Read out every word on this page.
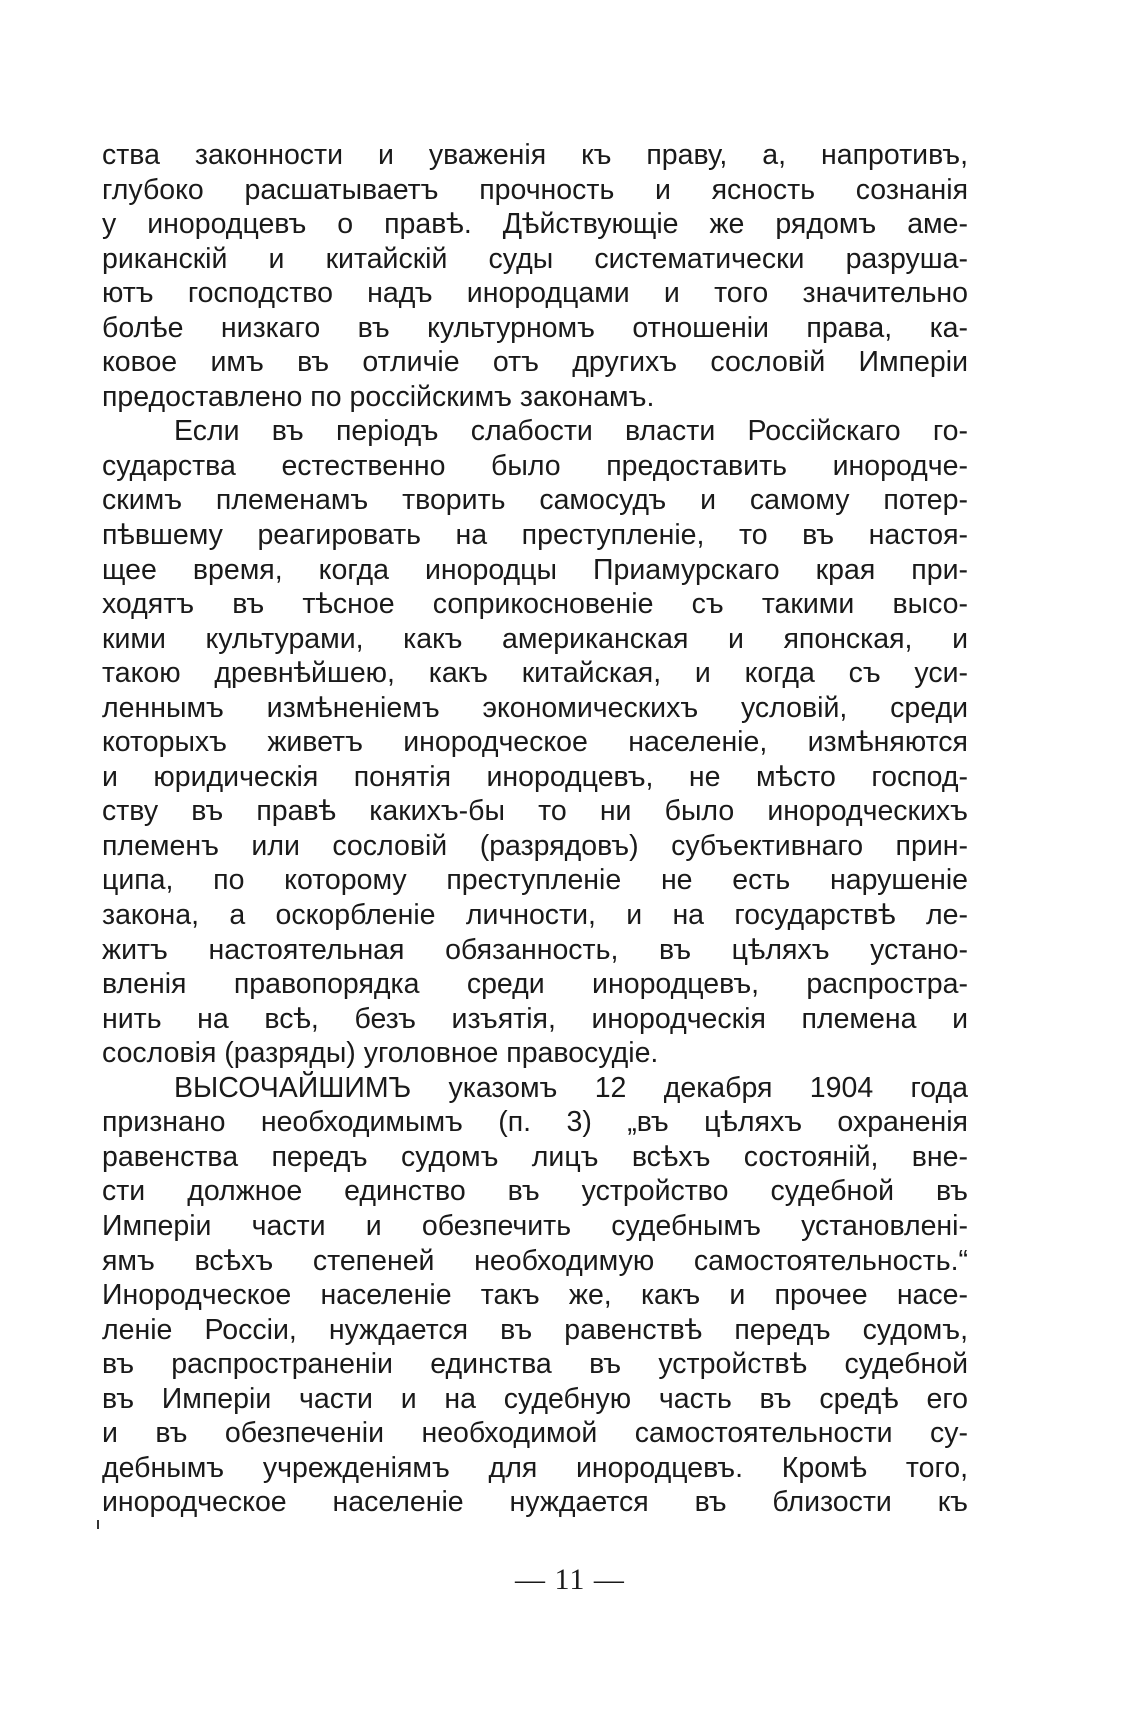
ства законности и уваженія къ праву, а, напротивъ,
глубоко расшатываетъ прочность и ясность сознанія
у инородцевъ о правѣ. Дѣйствующіе же рядомъ аме-
риканскій и китайскій суды систематически разруша-
ютъ господство надъ инородцами и того значительно
болѣе низкаго въ культурномъ отношеніи права, ка-
ковое имъ въ отличіе отъ другихъ сословій Имперіи
предоставлено по россійскимъ законамъ.
Если въ періодъ слабости власти Россійскаго го-
сударства естественно было предоставить инородче-
скимъ племенамъ творить самосудъ и самому потер-
пѣвшему реагировать на преступленіе, то въ настоя-
щее время, когда инородцы Приамурскаго края при-
ходятъ въ тѣсное соприкосновеніе съ такими высо-
кими культурами, какъ американская и японская, и
такою древнѣйшею, какъ китайская, и когда съ уси-
леннымъ измѣненіемъ экономическихъ условій, среди
которыхъ живетъ инородческое населеніе, измѣняются
и юридическія понятія инородцевъ, не мѣсто господ-
ству въ правѣ какихъ-бы то ни было инородческихъ
племенъ или сословій (разрядовъ) субъективнаго прин-
ципа, по которому преступленіе не есть нарушеніе
закона, а оскорбленіе личности, и на государствѣ ле-
житъ настоятельная обязанность, въ цѣляхъ устано-
вленія правопорядка среди инородцевъ, распростра-
нить на всѣ, безъ изъятія, инородческія племена и
сословія (разряды) уголовное правосудіе.
ВЫСОЧАЙШИМЪ указомъ 12 декабря 1904 года
признано необходимымъ (п. 3) „въ цѣляхъ охраненія
равенства передъ судомъ лицъ всѣхъ состояній, вне-
сти должное единство въ устройство судебной въ
Имперіи части и обезпечить судебнымъ установленi-
ямъ всѣхъ степеней необходимую самостоятельность.“
Инородческое населеніе такъ же, какъ и прочее насе-
леніе Россіи, нуждается въ равенствѣ передъ судомъ,
въ распространеніи единства въ устройствѣ судебной
въ Имперіи части и на судебную часть въ средѣ его
и въ обезпеченіи необходимой самостоятельности су-
дебнымъ учрежденіямъ для инородцевъ. Кромѣ того,
инородческое населеніе нуждается въ близости къ
— 11 —
